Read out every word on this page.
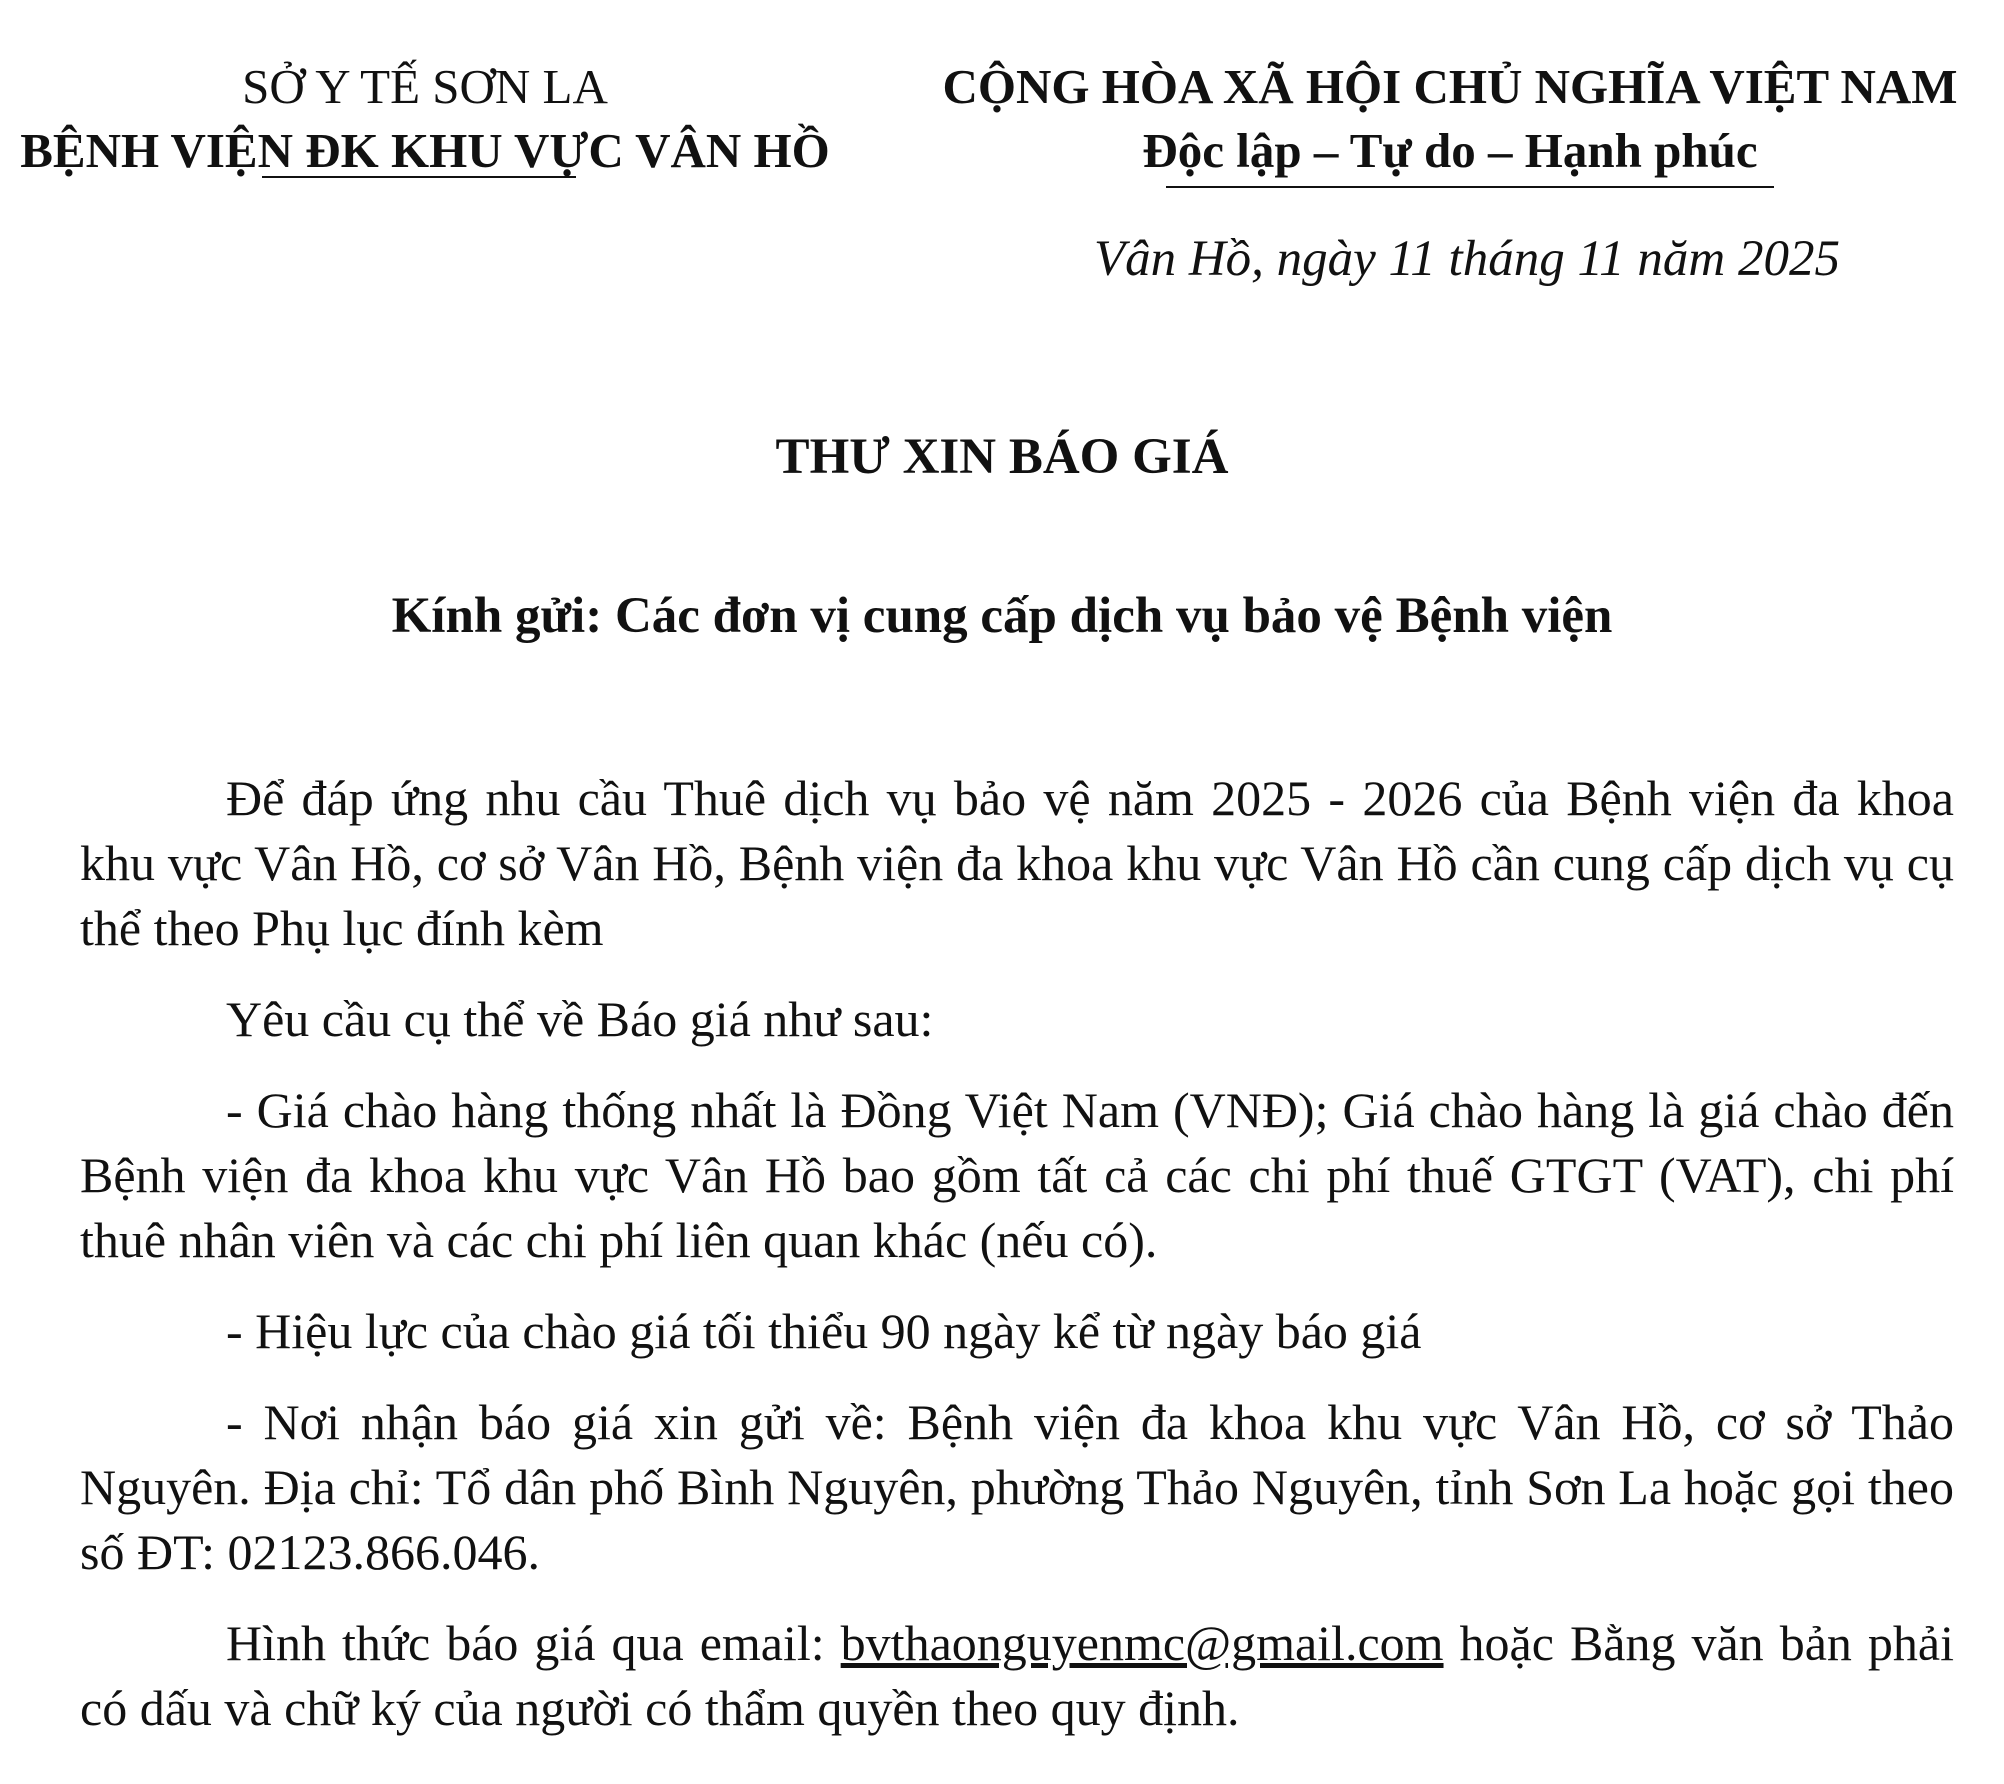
SỞ Y TẾ SƠN LA
BỆNH VIỆN ĐK KHU VỰC VÂN HỒ
CỘNG HÒA XÃ HỘI CHỦ NGHĨA VIỆT NAM
Độc lập – Tự do – Hạnh phúc
Vân Hồ, ngày 11 tháng 11 năm 2025
THƯ XIN BÁO GIÁ
Kính gửi: Các đơn vị cung cấp dịch vụ bảo vệ Bệnh viện

Để đáp ứng nhu cầu Thuê dịch vụ bảo vệ năm 2025 - 2026 của Bệnh viện đa khoa khu vực Vân Hồ, cơ sở Vân Hồ, Bệnh viện đa khoa khu vực Vân Hồ cần cung cấp dịch vụ cụ thể theo Phụ lục đính kèm

Yêu cầu cụ thể về Báo giá như sau:

- Giá chào hàng thống nhất là Đồng Việt Nam (VNĐ); Giá chào hàng là giá chào đến Bệnh viện đa khoa khu vực Vân Hồ bao gồm tất cả các chi phí thuế GTGT (VAT), chi phí thuê nhân viên và các chi phí liên quan khác (nếu có).

- Hiệu lực của chào giá tối thiểu 90 ngày kể từ ngày báo giá

- Nơi nhận báo giá xin gửi về: Bệnh viện đa khoa khu vực Vân Hồ, cơ sở Thảo Nguyên. Địa chỉ: Tổ dân phố Bình Nguyên, phường Thảo Nguyên, tỉnh Sơn La hoặc gọi theo số ĐT: 02123.866.046.

Hình thức báo giá qua email: bvthaonguyenmc@gmail.com hoặc Bằng văn bản phải có dấu và chữ ký của người có thẩm quyền theo quy định.
